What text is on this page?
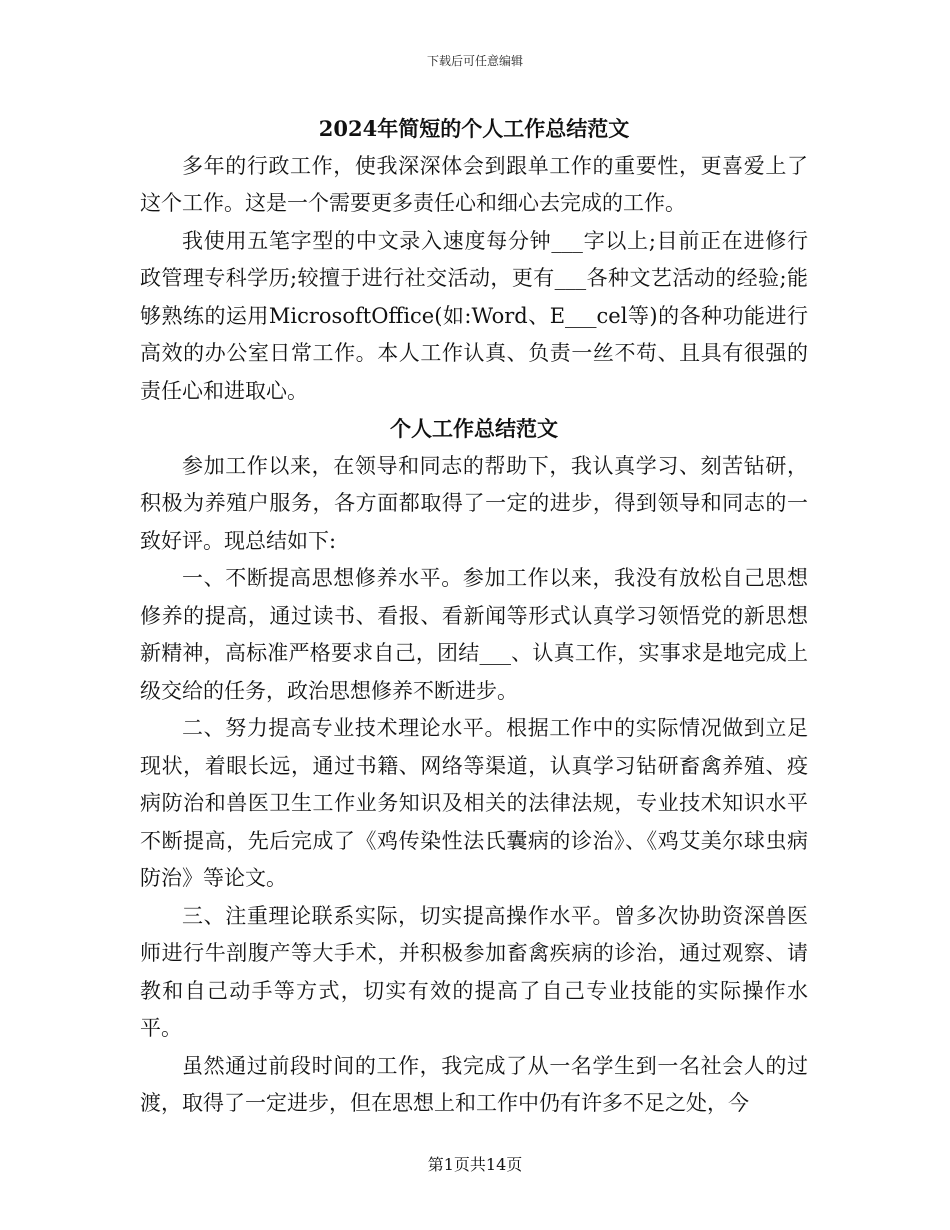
下载后可任意编辑

2024年简短的个人工作总结范文

多年的行政工作，使我深深体会到跟单工作的重要性，更喜爱上了这个工作。这是一个需要更多责任心和细心去完成的工作。

我使用五笔字型的中文录入速度每分钟___字以上;目前正在进修行政管理专科学历;较擅于进行社交活动，更有___各种文艺活动的经验;能够熟练的运用MicrosoftOffice(如:Word、E___cel等)的各种功能进行高效的办公室日常工作。本人工作认真、负责一丝不苟、且具有很强的责任心和进取心。

个人工作总结范文

参加工作以来，在领导和同志的帮助下，我认真学习、刻苦钻研，积极为养殖户服务，各方面都取得了一定的进步，得到领导和同志的一致好评。现总结如下:

一、不断提高思想修养水平。参加工作以来，我没有放松自己思想修养的提高，通过读书、看报、看新闻等形式认真学习领悟党的新思想新精神，高标准严格要求自己，团结___、认真工作，实事求是地完成上级交给的任务，政治思想修养不断进步。

二、努力提高专业技术理论水平。根据工作中的实际情况做到立足现状，着眼长远，通过书籍、网络等渠道，认真学习钻研畜禽养殖、疫病防治和兽医卫生工作业务知识及相关的法律法规，专业技术知识水平不断提高，先后完成了《鸡传染性法氏囊病的诊治》、《鸡艾美尔球虫病防治》等论文。

三、注重理论联系实际，切实提高操作水平。曾多次协助资深兽医师进行牛剖腹产等大手术，并积极参加畜禽疾病的诊治，通过观察、请教和自己动手等方式，切实有效的提高了自己专业技能的实际操作水平。

虽然通过前段时间的工作，我完成了从一名学生到一名社会人的过渡，取得了一定进步，但在思想上和工作中仍有许多不足之处，今

第1页共14页
